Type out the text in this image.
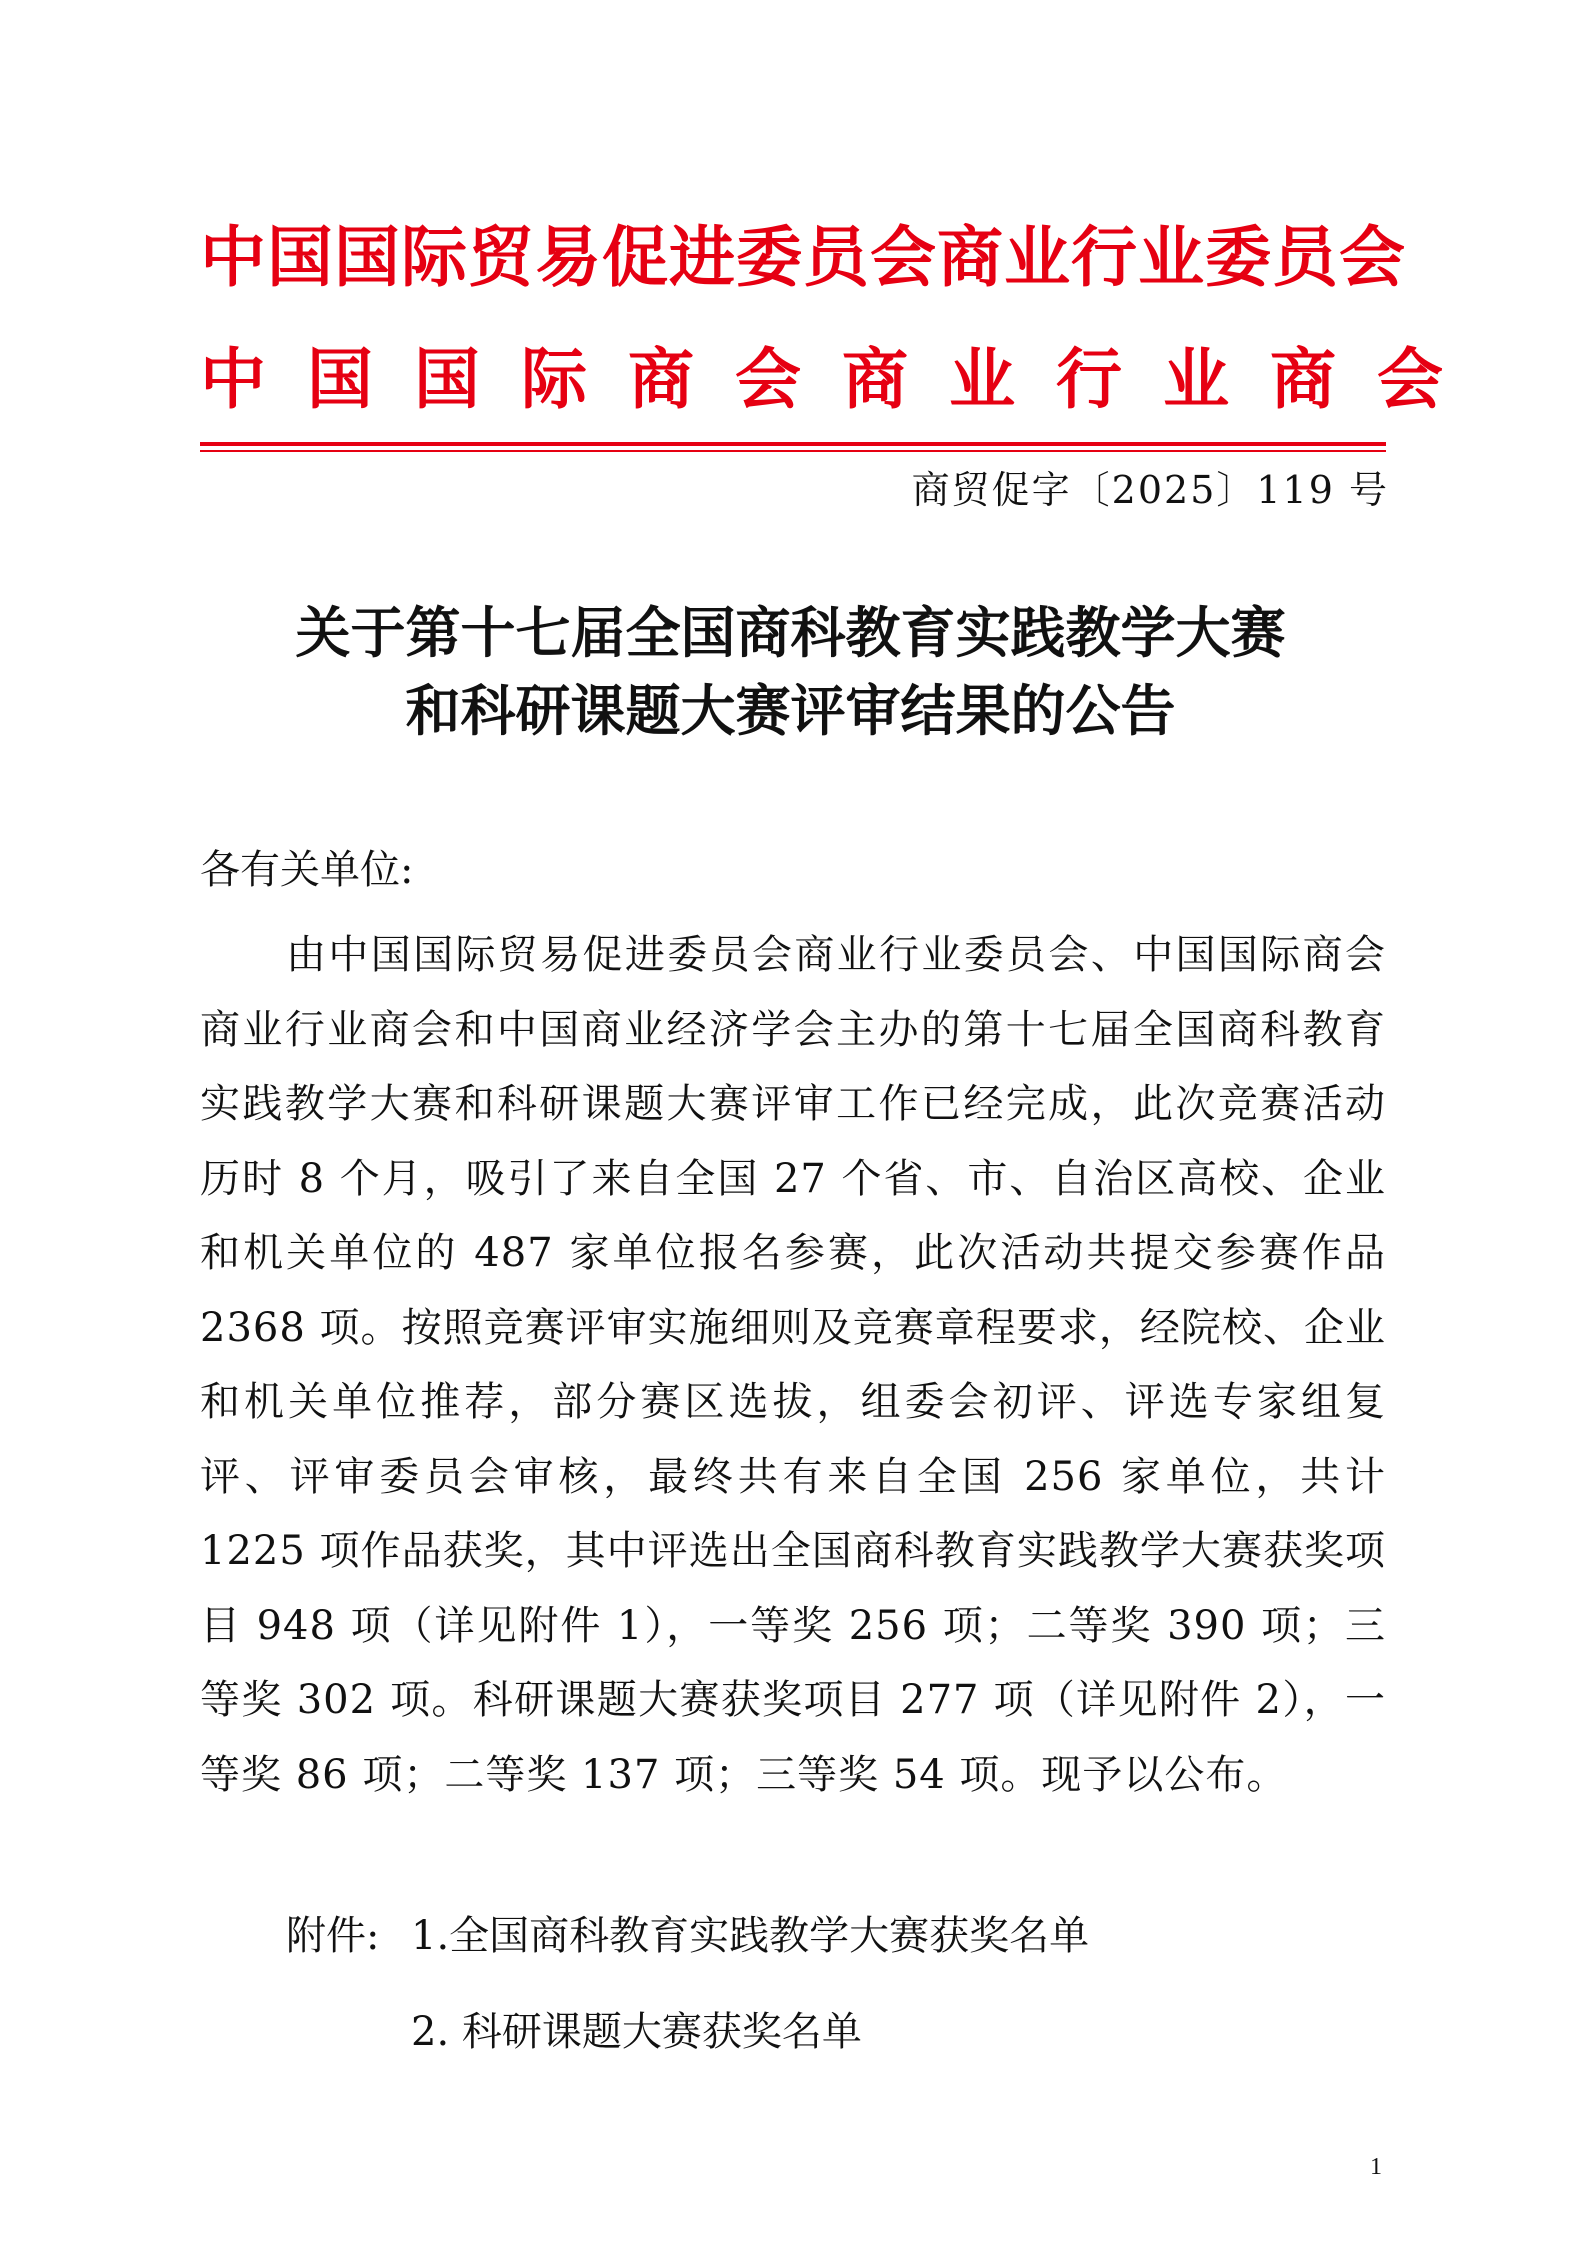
中国国际贸易促进委员会商业行业委员会
中国国际商会商业行业商会
商贸促字〔2025〕119 号
关于第十七届全国商科教育实践教学大赛
和科研课题大赛评审结果的公告
各有关单位:

由中国国际贸易促进委员会商业行业委员会、中国国际商会商业行业商会和中国商业经济学会主办的第十七届全国商科教育实践教学大赛和科研课题大赛评审工作已经完成，此次竞赛活动历时 8 个月，吸引了来自全国 27 个省、市、自治区高校、企业和机关单位的 487 家单位报名参赛，此次活动共提交参赛作品 2368 项。按照竞赛评审实施细则及竞赛章程要求，经院校、企业和机关单位推荐，部分赛区选拔，组委会初评、评选专家组复评、评审委员会审核，最终共有来自全国 256 家单位，共计 1225 项作品获奖，其中评选出全国商科教育实践教学大赛获奖项目 948 项（详见附件 1），一等奖 256 项；二等奖 390 项；三等奖 302 项。科研课题大赛获奖项目 277 项（详见附件 2），一等奖 86 项；二等奖 137 项；三等奖 54 项。现予以公布。

附件: 1.全国商科教育实践教学大赛获奖名单
2. 科研课题大赛获奖名单
1
